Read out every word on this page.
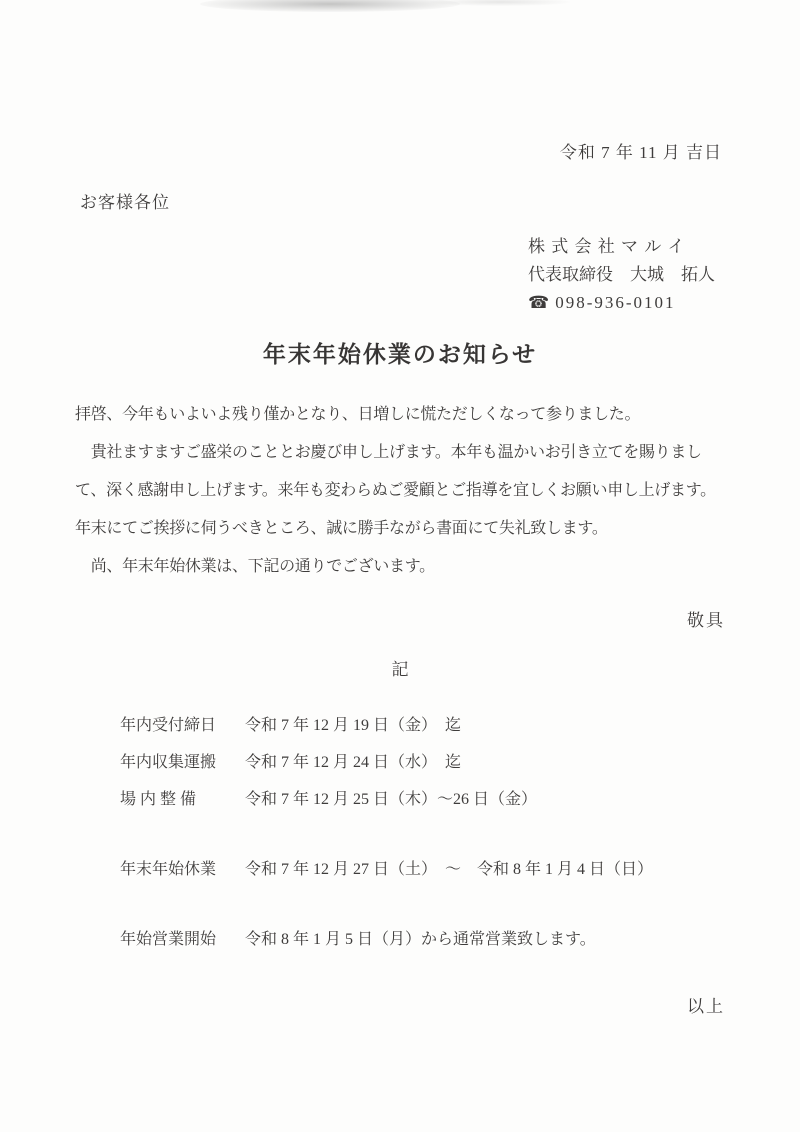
令和 7 年 11 月 吉日
お客様各位
株 式 会 社 マ ル イ
代表取締役　大城　拓人
☎ 098-936-0101
年末年始休業のお知らせ
拝啓、今年もいよいよ残り僅かとなり、日増しに慌ただしくなって参りました。
　貴社ますますご盛栄のこととお慶び申し上げます。本年も温かいお引き立てを賜りまし
て、深く感謝申し上げます。来年も変わらぬご愛顧とご指導を宜しくお願い申し上げます。
年末にてご挨拶に伺うべきところ、誠に勝手ながら書面にて失礼致します。
　尚、年末年始休業は、下記の通りでございます。
敬具
記
年内受付締日 令和 7 年 12 月 19 日（金）　迄
年内収集運搬 令和 7 年 12 月 24 日（水）　迄
場 内 整 備	令和 7 年 12 月 25 日（木）～26 日（金）
年末年始休業 令和 7 年 12 月 27 日（土）　～　令和 8 年 1 月 4 日（日）
年始営業開始 令和 8 年 1 月 5 日（月）から通常営業致します。
以上
